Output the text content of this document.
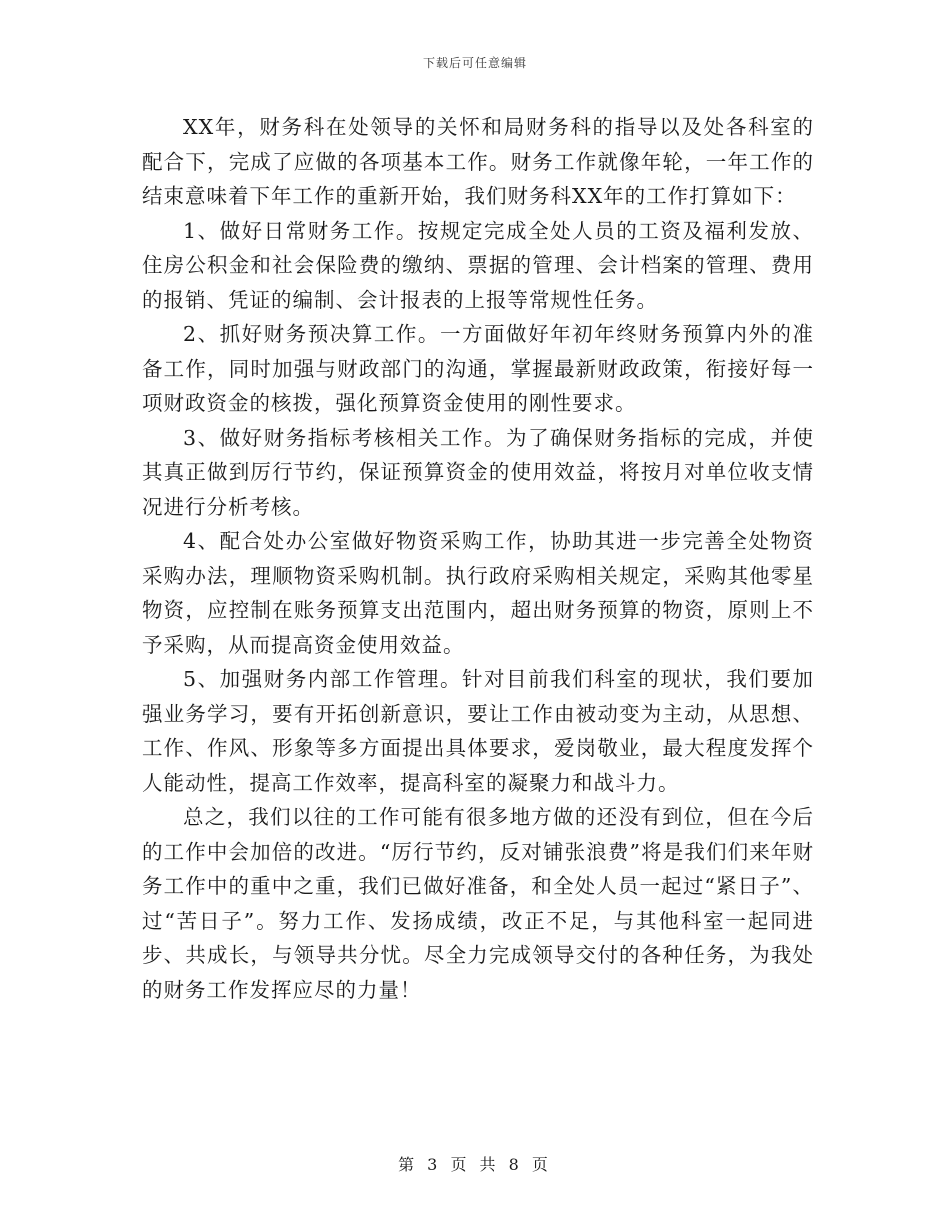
下载后可任意编辑

XX年，财务科在处领导的关怀和局财务科的指导以及处各科室的配合下，完成了应做的各项基本工作。财务工作就像年轮，一年工作的结束意味着下年工作的重新开始，我们财务科XX年的工作打算如下：

1、做好日常财务工作。按规定完成全处人员的工资及福利发放、住房公积金和社会保险费的缴纳、票据的管理、会计档案的管理、费用的报销、凭证的编制、会计报表的上报等常规性任务。

2、抓好财务预决算工作。一方面做好年初年终财务预算内外的准备工作，同时加强与财政部门的沟通，掌握最新财政政策，衔接好每一项财政资金的核拨，强化预算资金使用的刚性要求。

3、做好财务指标考核相关工作。为了确保财务指标的完成，并使其真正做到厉行节约，保证预算资金的使用效益，将按月对单位收支情况进行分析考核。

4、配合处办公室做好物资采购工作，协助其进一步完善全处物资采购办法，理顺物资采购机制。执行政府采购相关规定，采购其他零星物资，应控制在账务预算支出范围内，超出财务预算的物资，原则上不予采购，从而提高资金使用效益。

5、加强财务内部工作管理。针对目前我们科室的现状，我们要加强业务学习，要有开拓创新意识，要让工作由被动变为主动，从思想、工作、作风、形象等多方面提出具体要求，爱岗敬业，最大程度发挥个人能动性，提高工作效率，提高科室的凝聚力和战斗力。

总之，我们以往的工作可能有很多地方做的还没有到位，但在今后的工作中会加倍的改进。“厉行节约，反对铺张浪费”将是我们们来年财务工作中的重中之重，我们已做好准备，和全处人员一起过“紧日子”、过“苦日子”。努力工作、发扬成绩，改正不足，与其他科室一起同进步、共成长，与领导共分忧。尽全力完成领导交付的各种任务，为我处的财务工作发挥应尽的力量！

第 3 页 共 8 页
